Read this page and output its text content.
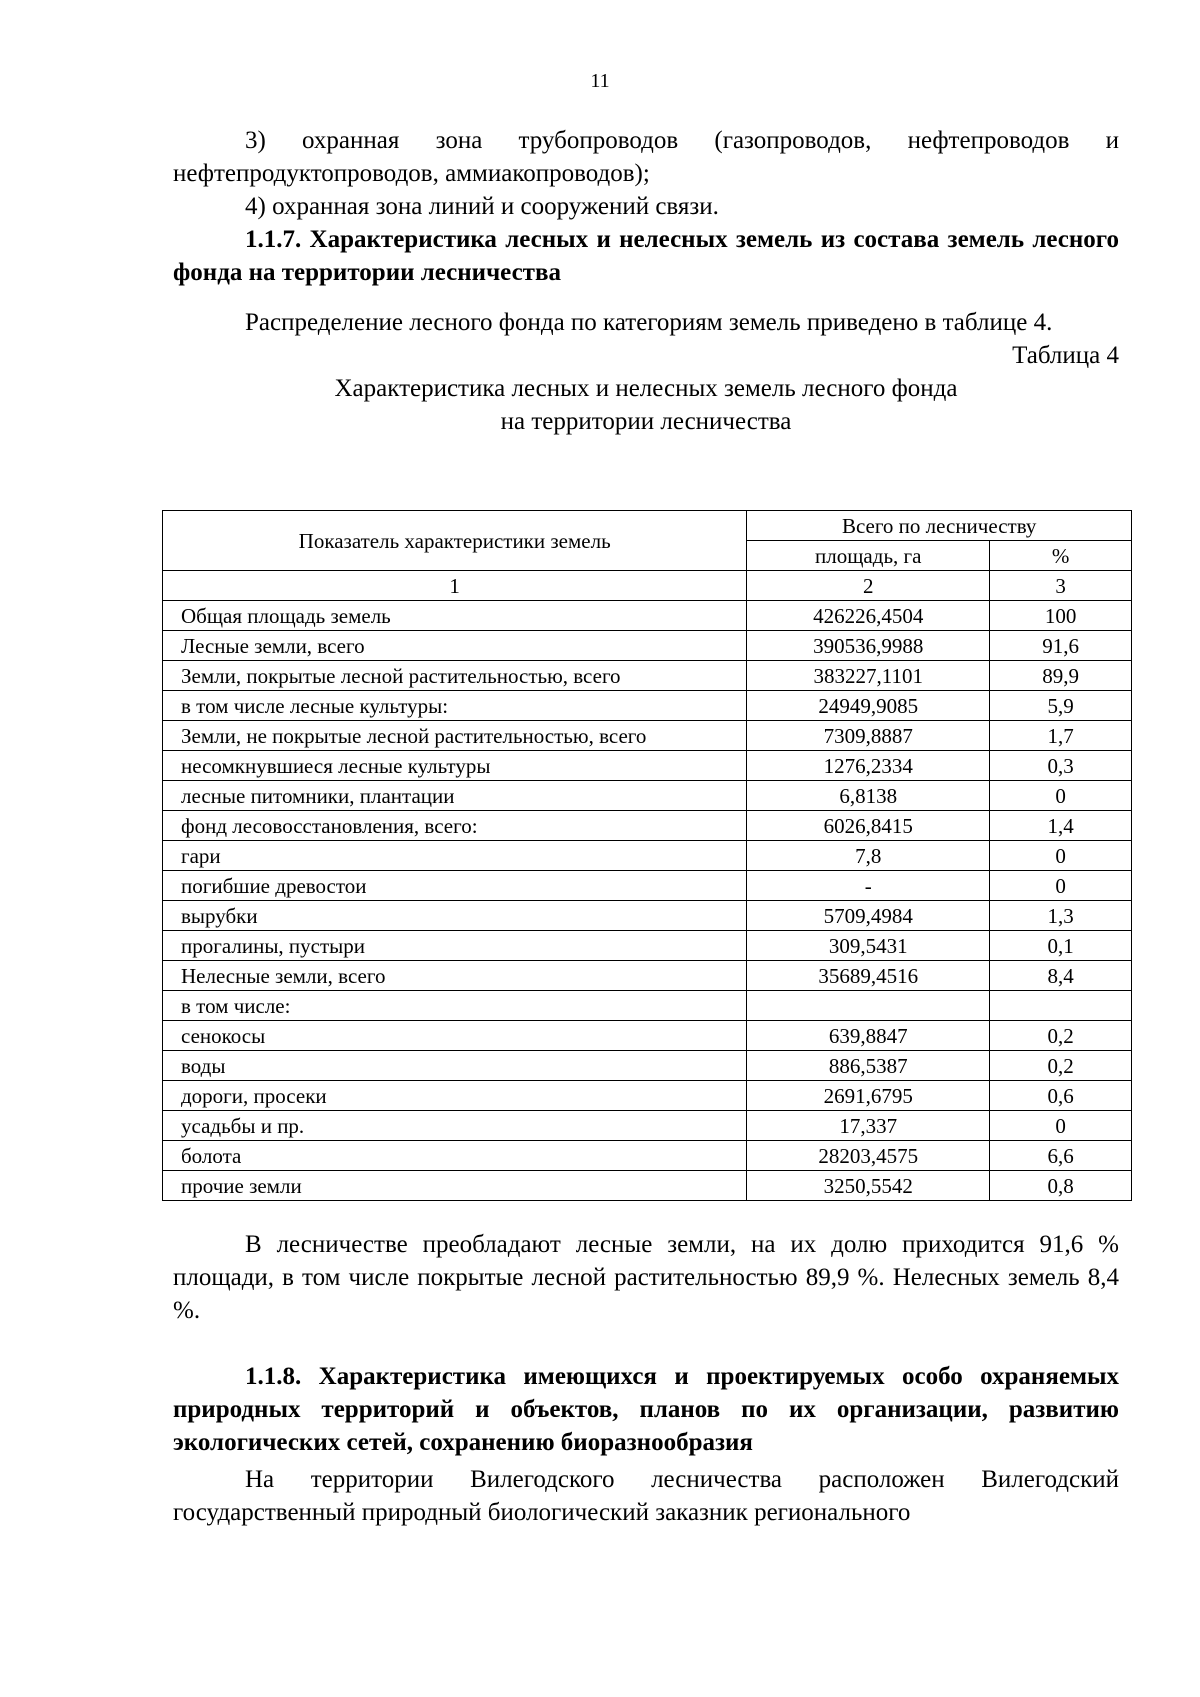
11

3) охранная зона трубопроводов (газопроводов, нефтепроводов и нефтепродуктопроводов, аммиакопроводов);

4) охранная зона линий и сооружений связи.

1.1.7. Характеристика лесных и нелесных земель из состава земель лесного фонда на территории лесничества

Распределение лесного фонда по категориям земель приведено в таблице 4.

Таблица 4

Характеристика лесных и нелесных земель лесного фонда

на территории лесничества

Показатель характеристики земель	Всего по лесничеству	
	площадь, га	%
1	2	3
Общая площадь земель	426226,4504	100
Лесные земли, всего	390536,9988	91,6
Земли, покрытые лесной растительностью, всего	383227,1101	89,9
в том числе лесные культуры:	24949,9085	5,9
Земли, не покрытые лесной растительностью, всего	7309,8887	1,7
несомкнувшиеся лесные культуры	1276,2334	0,3
лесные питомники, плантации	6,8138	0
фонд лесовосстановления, всего:	6026,8415	1,4
гари	7,8	0
погибшие древостои	-	0
вырубки	5709,4984	1,3
прогалины, пустыри	309,5431	0,1
Нелесные земли, всего	35689,4516	8,4
в том числе:		
сенокосы	639,8847	0,2
воды	886,5387	0,2
дороги, просеки	2691,6795	0,6
усадьбы и пр.	17,337	0
болота	28203,4575	6,6
прочие земли	3250,5542	0,8

В лесничестве преобладают лесные земли, на их долю приходится 91,6 % площади, в том числе покрытые лесной растительностью 89,9 %. Нелесных земель 8,4 %.

1.1.8. Характеристика имеющихся и проектируемых особо охраняемых природных территорий и объектов, планов по их организации, развитию экологических сетей, сохранению биоразнообразия

На территории Вилегодского лесничества расположен Вилегодский государственный природный биологический заказник регионального
